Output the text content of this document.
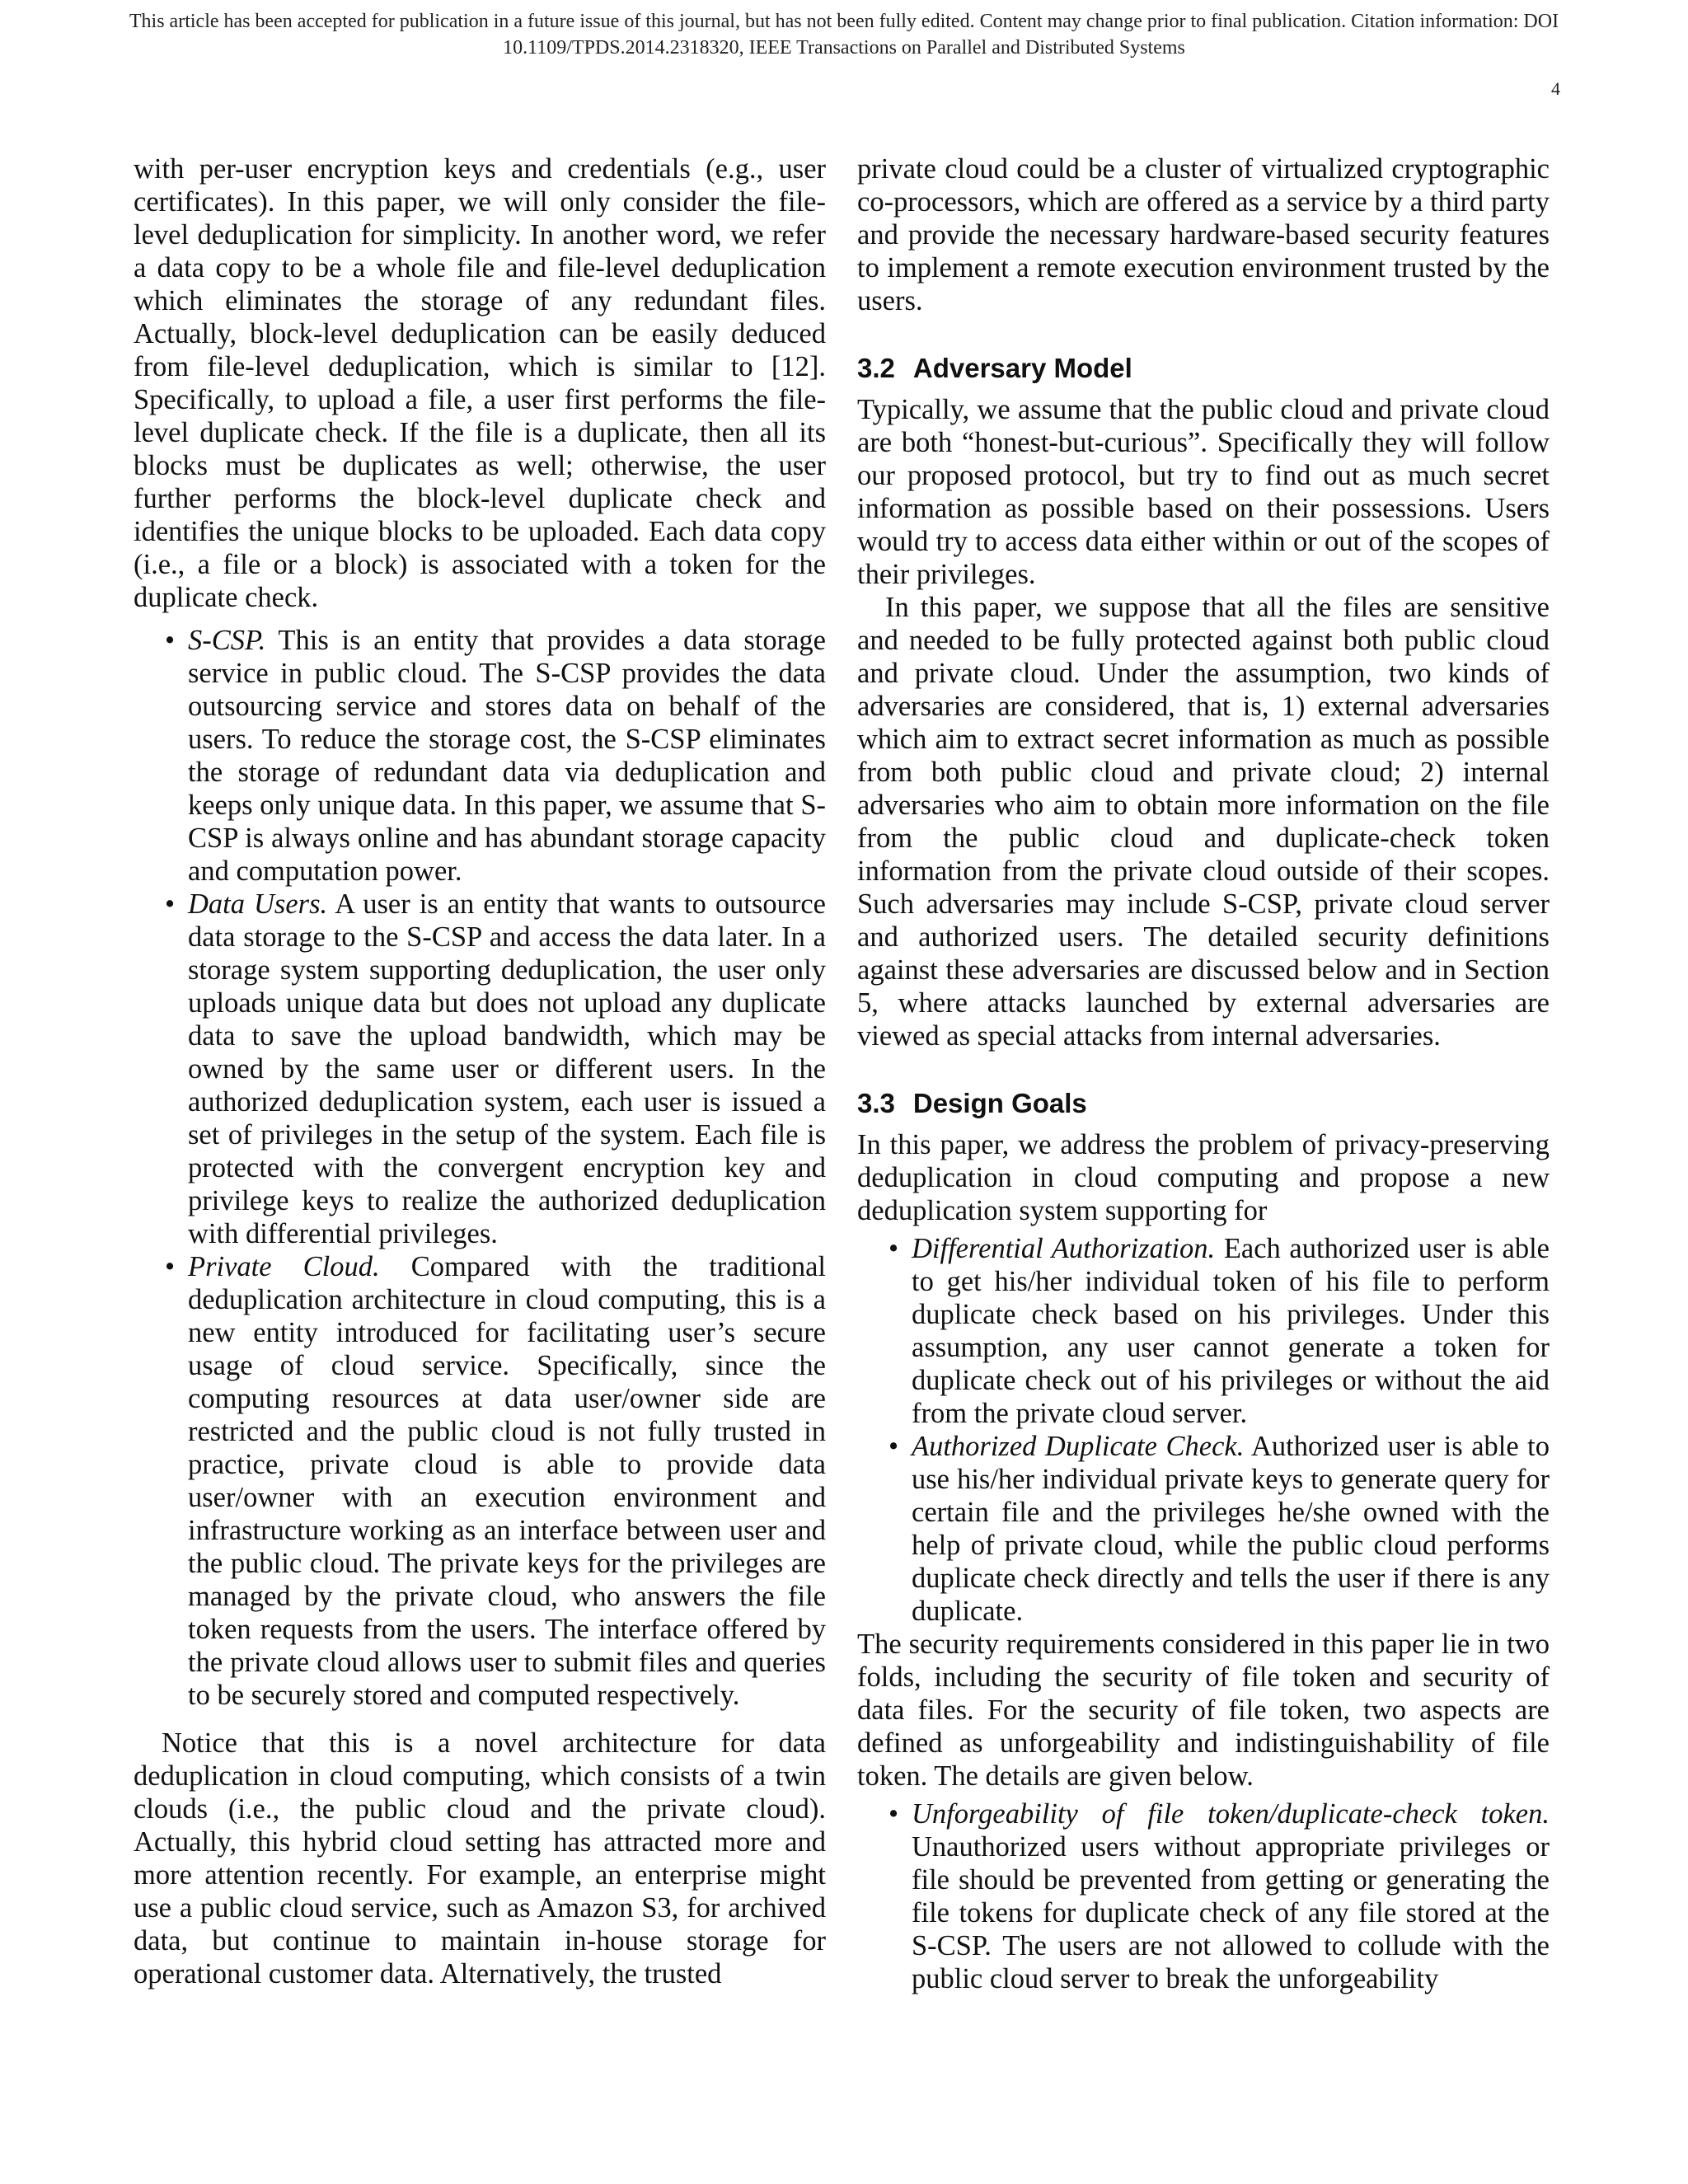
This article has been accepted for publication in a future issue of this journal, but has not been fully edited. Content may change prior to final publication. Citation information: DOI
10.1109/TPDS.2014.2318320, IEEE Transactions on Parallel and Distributed Systems
4

with per-user encryption keys and credentials (e.g., user certificates). In this paper, we will only consider the file-level deduplication for simplicity. In another word, we refer a data copy to be a whole file and file-level deduplication which eliminates the storage of any redundant files. Actually, block-level deduplication can be easily deduced from file-level deduplication, which is similar to [12]. Specifically, to upload a file, a user first performs the file-level duplicate check. If the file is a duplicate, then all its blocks must be duplicates as well; otherwise, the user further performs the block-level duplicate check and identifies the unique blocks to be uploaded. Each data copy (i.e., a file or a block) is associated with a token for the duplicate check.

• S-CSP. This is an entity that provides a data storage service in public cloud. The S-CSP provides the data outsourcing service and stores data on behalf of the users. To reduce the storage cost, the S-CSP eliminates the storage of redundant data via deduplication and keeps only unique data. In this paper, we assume that S-CSP is always online and has abundant storage capacity and computation power.
• Data Users. A user is an entity that wants to outsource data storage to the S-CSP and access the data later. In a storage system supporting deduplication, the user only uploads unique data but does not upload any duplicate data to save the upload bandwidth, which may be owned by the same user or different users. In the authorized deduplication system, each user is issued a set of privileges in the setup of the system. Each file is protected with the convergent encryption key and privilege keys to realize the authorized deduplication with differential privileges.
• Private Cloud. Compared with the traditional deduplication architecture in cloud computing, this is a new entity introduced for facilitating user’s secure usage of cloud service. Specifically, since the computing resources at data user/owner side are restricted and the public cloud is not fully trusted in practice, private cloud is able to provide data user/owner with an execution environment and infrastructure working as an interface between user and the public cloud. The private keys for the privileges are managed by the private cloud, who answers the file token requests from the users. The interface offered by the private cloud allows user to submit files and queries to be securely stored and computed respectively.

Notice that this is a novel architecture for data deduplication in cloud computing, which consists of a twin clouds (i.e., the public cloud and the private cloud). Actually, this hybrid cloud setting has attracted more and more attention recently. For example, an enterprise might use a public cloud service, such as Amazon S3, for archived data, but continue to maintain in-house storage for operational customer data. Alternatively, the trusted

private cloud could be a cluster of virtualized cryptographic co-processors, which are offered as a service by a third party and provide the necessary hardware-based security features to implement a remote execution environment trusted by the users.

3.2 Adversary Model

Typically, we assume that the public cloud and private cloud are both “honest-but-curious”. Specifically they will follow our proposed protocol, but try to find out as much secret information as possible based on their possessions. Users would try to access data either within or out of the scopes of their privileges.

In this paper, we suppose that all the files are sensitive and needed to be fully protected against both public cloud and private cloud. Under the assumption, two kinds of adversaries are considered, that is, 1) external adversaries which aim to extract secret information as much as possible from both public cloud and private cloud; 2) internal adversaries who aim to obtain more information on the file from the public cloud and duplicate-check token information from the private cloud outside of their scopes. Such adversaries may include S-CSP, private cloud server and authorized users. The detailed security definitions against these adversaries are discussed below and in Section 5, where attacks launched by external adversaries are viewed as special attacks from internal adversaries.

3.3 Design Goals

In this paper, we address the problem of privacy-preserving deduplication in cloud computing and propose a new deduplication system supporting for

• Differential Authorization. Each authorized user is able to get his/her individual token of his file to perform duplicate check based on his privileges. Under this assumption, any user cannot generate a token for duplicate check out of his privileges or without the aid from the private cloud server.
• Authorized Duplicate Check. Authorized user is able to use his/her individual private keys to generate query for certain file and the privileges he/she owned with the help of private cloud, while the public cloud performs duplicate check directly and tells the user if there is any duplicate.

The security requirements considered in this paper lie in two folds, including the security of file token and security of data files. For the security of file token, two aspects are defined as unforgeability and indistinguishability of file token. The details are given below.

• Unforgeability of file token/duplicate-check token. Unauthorized users without appropriate privileges or file should be prevented from getting or generating the file tokens for duplicate check of any file stored at the S-CSP. The users are not allowed to collude with the public cloud server to break the unforgeability
